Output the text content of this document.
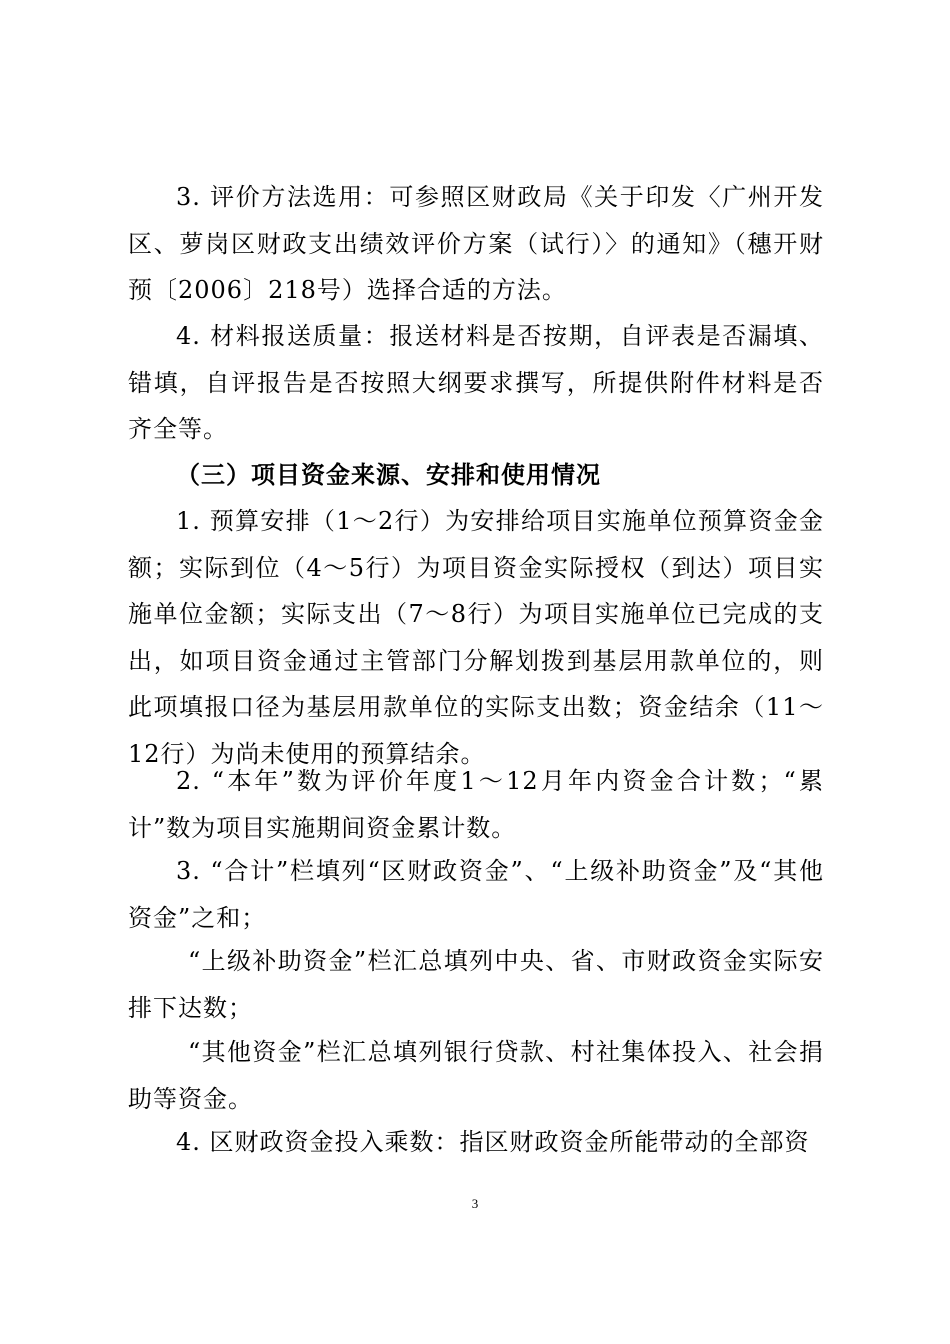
3. 评价方法选用：可参照区财政局《关于印发〈广州开发区、萝岗区财政支出绩效评价方案（试行）〉的通知》（穗开财预〔2006〕218号）选择合适的方法。

4. 材料报送质量：报送材料是否按期，自评表是否漏填、错填，自评报告是否按照大纲要求撰写，所提供附件材料是否齐全等。

（三）项目资金来源、安排和使用情况

1. 预算安排（1～2行）为安排给项目实施单位预算资金金额；实际到位（4～5行）为项目资金实际授权（到达）项目实施单位金额；实际支出（7～8行）为项目实施单位已完成的支出，如项目资金通过主管部门分解划拨到基层用款单位的，则此项填报口径为基层用款单位的实际支出数；资金结余（11～12行）为尚未使用的预算结余。

2. “本年”数为评价年度1～12月年内资金合计数；“累计”数为项目实施期间资金累计数。

3. “合计”栏填列“区财政资金”、“上级补助资金”及“其他资金”之和；

“上级补助资金”栏汇总填列中央、省、市财政资金实际安排下达数；

“其他资金”栏汇总填列银行贷款、村社集体投入、社会捐助等资金。

4. 区财政资金投入乘数：指区财政资金所能带动的全部资

3
